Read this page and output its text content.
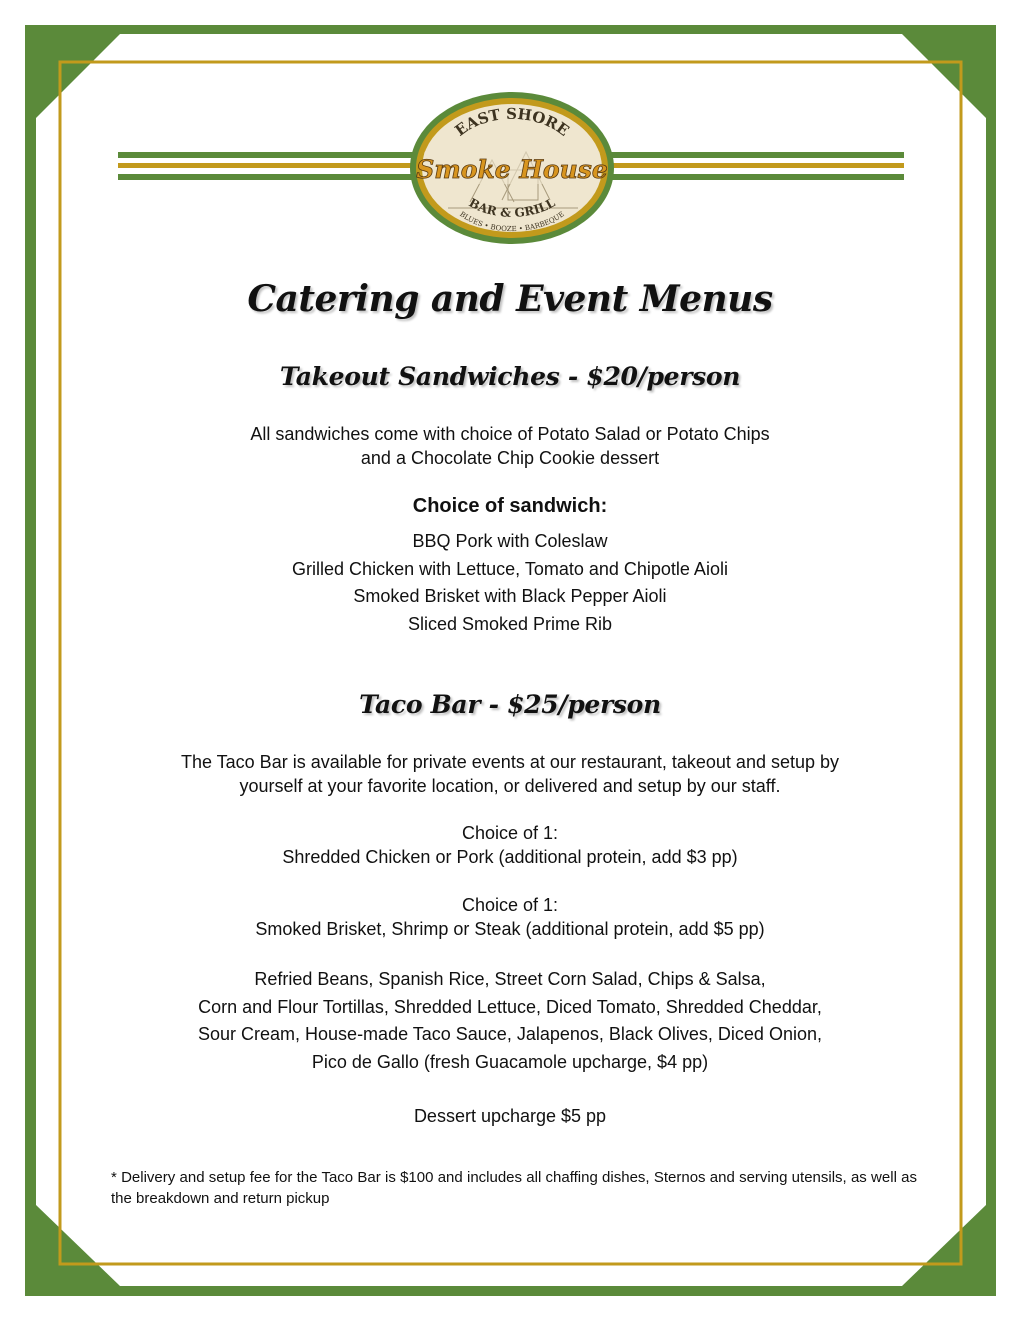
EAST SHORE
Smoke House
BAR & GRILL
BLUES • BOOZE • BARBEQUE
Catering and Event Menus
Takeout Sandwiches - $20/person
All sandwiches come with choice of Potato Salad or Potato Chips
and a Chocolate Chip Cookie dessert
Choice of sandwich:
BBQ Pork with Coleslaw
Grilled Chicken with Lettuce, Tomato and Chipotle Aioli
Smoked Brisket with Black Pepper Aioli
Sliced Smoked Prime Rib
Taco Bar - $25/person
The Taco Bar is available for private events at our restaurant, takeout and setup by
yourself at your favorite location, or delivered and setup by our staff.
Choice of 1:
Shredded Chicken or Pork (additional protein, add $3 pp)
Choice of 1:
Smoked Brisket, Shrimp or Steak (additional protein, add $5 pp)
Refried Beans, Spanish Rice, Street Corn Salad, Chips & Salsa,
Corn and Flour Tortillas, Shredded Lettuce, Diced Tomato, Shredded Cheddar,
Sour Cream, House-made Taco Sauce, Jalapenos, Black Olives, Diced Onion,
Pico de Gallo (fresh Guacamole upcharge, $4 pp)
Dessert upcharge $5 pp
* Delivery and setup fee for the Taco Bar is $100 and includes all chaffing dishes, Sternos and serving utensils, as well as the breakdown and return pickup
